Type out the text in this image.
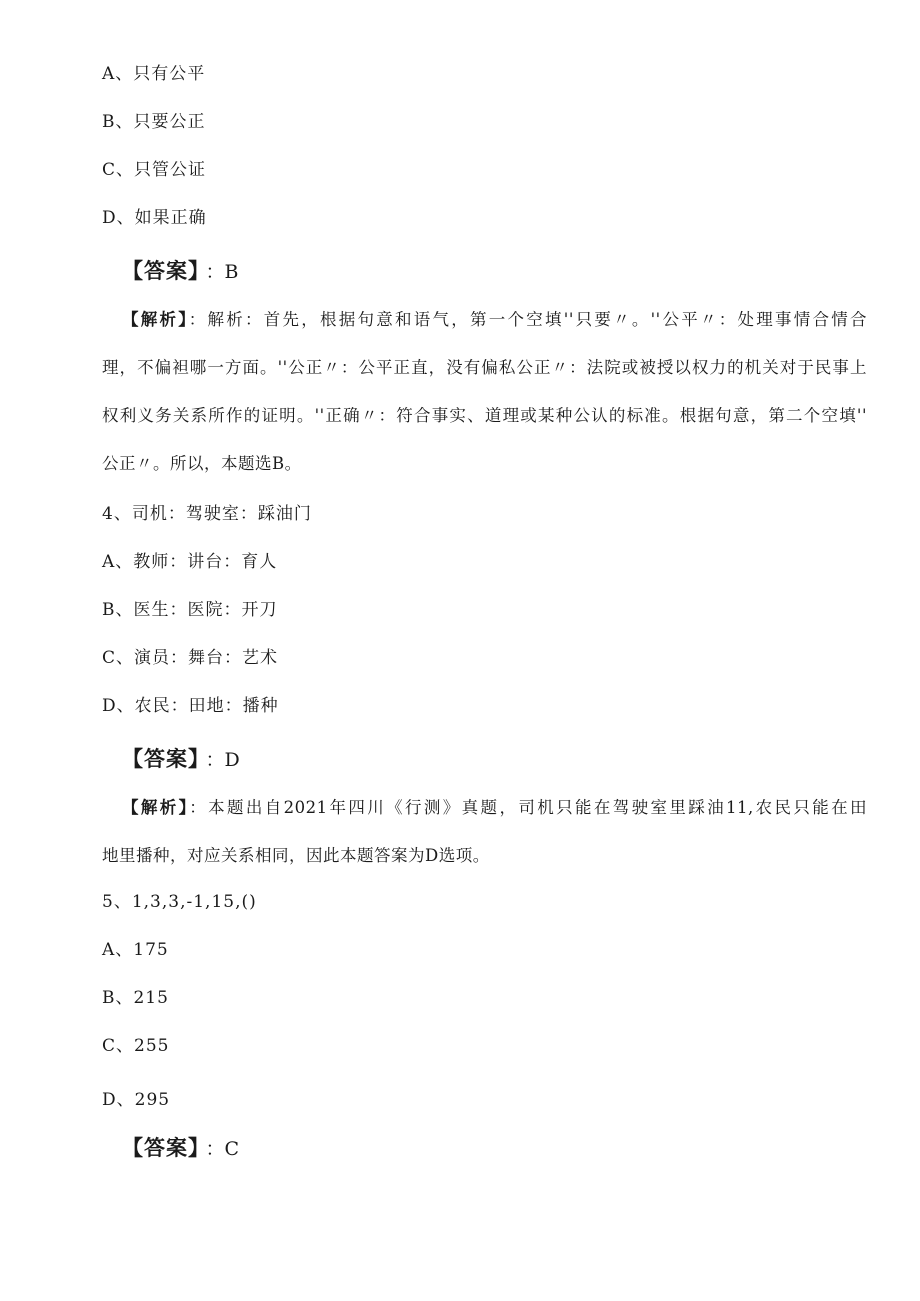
A、只有公平
B、只要公正
C、只管公证
D、如果正确
【答案】 ：B
【解析】：解析：首先，根据句意和语气，第一个空填''只要〃。''公平〃：处理事情合情合
理，不偏袒哪一方面。''公正〃：公平正直，没有偏私公正〃：法院或被授以权力的机关对于民事上
权利义务关系所作的证明。''正确〃：符合事实、道理或某种公认的标准。根据句意，第二个空填''
公正〃。所以，本题选B。
4、司机：驾驶室：踩油门
A、教师：讲台：育人
B、医生：医院：开刀
C、演员：舞台：艺术
D、农民：田地：播种
【答案】 ：D
【解析】：本题出自2021年四川《行测》真题，司机只能在驾驶室里踩油11,农民只能在田
地里播种，对应关系相同，因此本题答案为D选项。
5、1,3,3,-1,15,()
A、175
B、215
C、255
D、295
【答案】 ：C
